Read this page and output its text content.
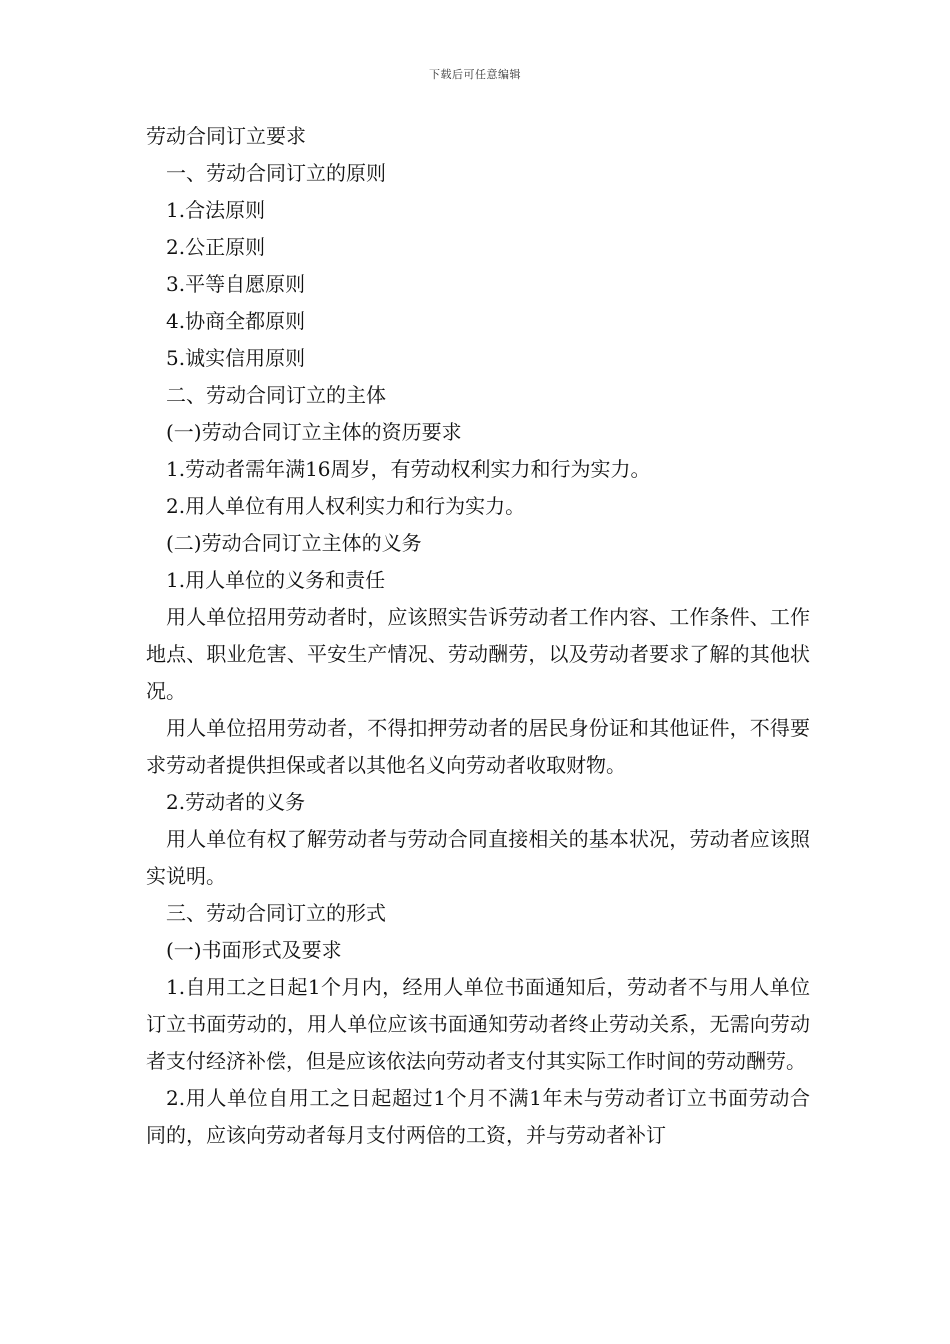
下载后可任意编辑

劳动合同订立要求

一、劳动合同订立的原则

1.合法原则

2.公正原则

3.平等自愿原则

4.协商全都原则

5.诚实信用原则

二、劳动合同订立的主体

(一)劳动合同订立主体的资历要求

1.劳动者需年满16周岁，有劳动权利实力和行为实力。

2.用人单位有用人权利实力和行为实力。

(二)劳动合同订立主体的义务

1.用人单位的义务和责任

用人单位招用劳动者时，应该照实告诉劳动者工作内容、工作条件、工作地点、职业危害、平安生产情况、劳动酬劳，以及劳动者要求了解的其他状况。

用人单位招用劳动者，不得扣押劳动者的居民身份证和其他证件，不得要求劳动者提供担保或者以其他名义向劳动者收取财物。

2.劳动者的义务

用人单位有权了解劳动者与劳动合同直接相关的基本状况，劳动者应该照实说明。

三、劳动合同订立的形式

(一)书面形式及要求

1.自用工之日起1个月内，经用人单位书面通知后，劳动者不与用人单位订立书面劳动的，用人单位应该书面通知劳动者终止劳动关系，无需向劳动者支付经济补偿，但是应该依法向劳动者支付其实际工作时间的劳动酬劳。

2.用人单位自用工之日起超过1个月不满1年未与劳动者订立书面劳动合同的，应该向劳动者每月支付两倍的工资，并与劳动者补订
